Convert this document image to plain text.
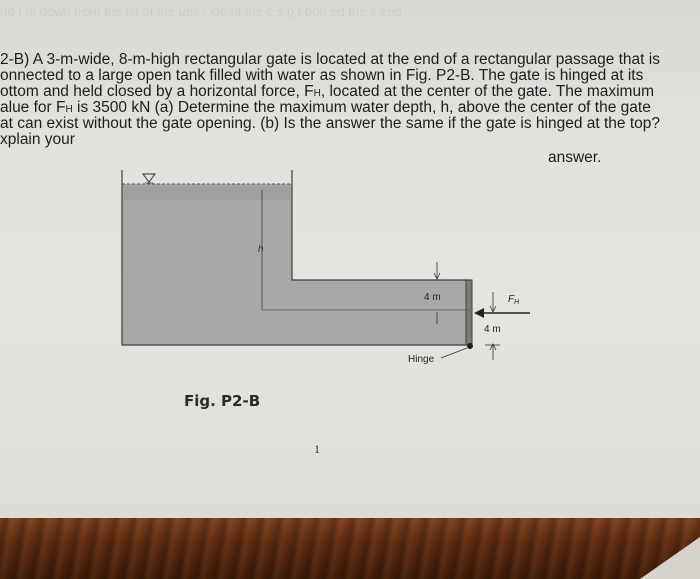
nd I m down from the lin of the ubs i ide of the c s p t bon ed the s end
2-B) A 3-m-wide, 8-m-high rectangular gate is located at the end of a rectangular passage that is
onnected to a large open tank filled with water as shown in Fig. P2-B. The gate is hinged at its
ottom and held closed by a horizontal force, FH, located at the center of the gate. The maximum
alue for FH is 3500 kN (a) Determine the maximum water depth, h, above the center of the gate
at can exist without the gate opening. (b) Is the answer the same if the gate is hinged at the top?
xplain your
answer.
h
4 m
4 m
$F_H$
Hinge
Fig. P2-B
1
